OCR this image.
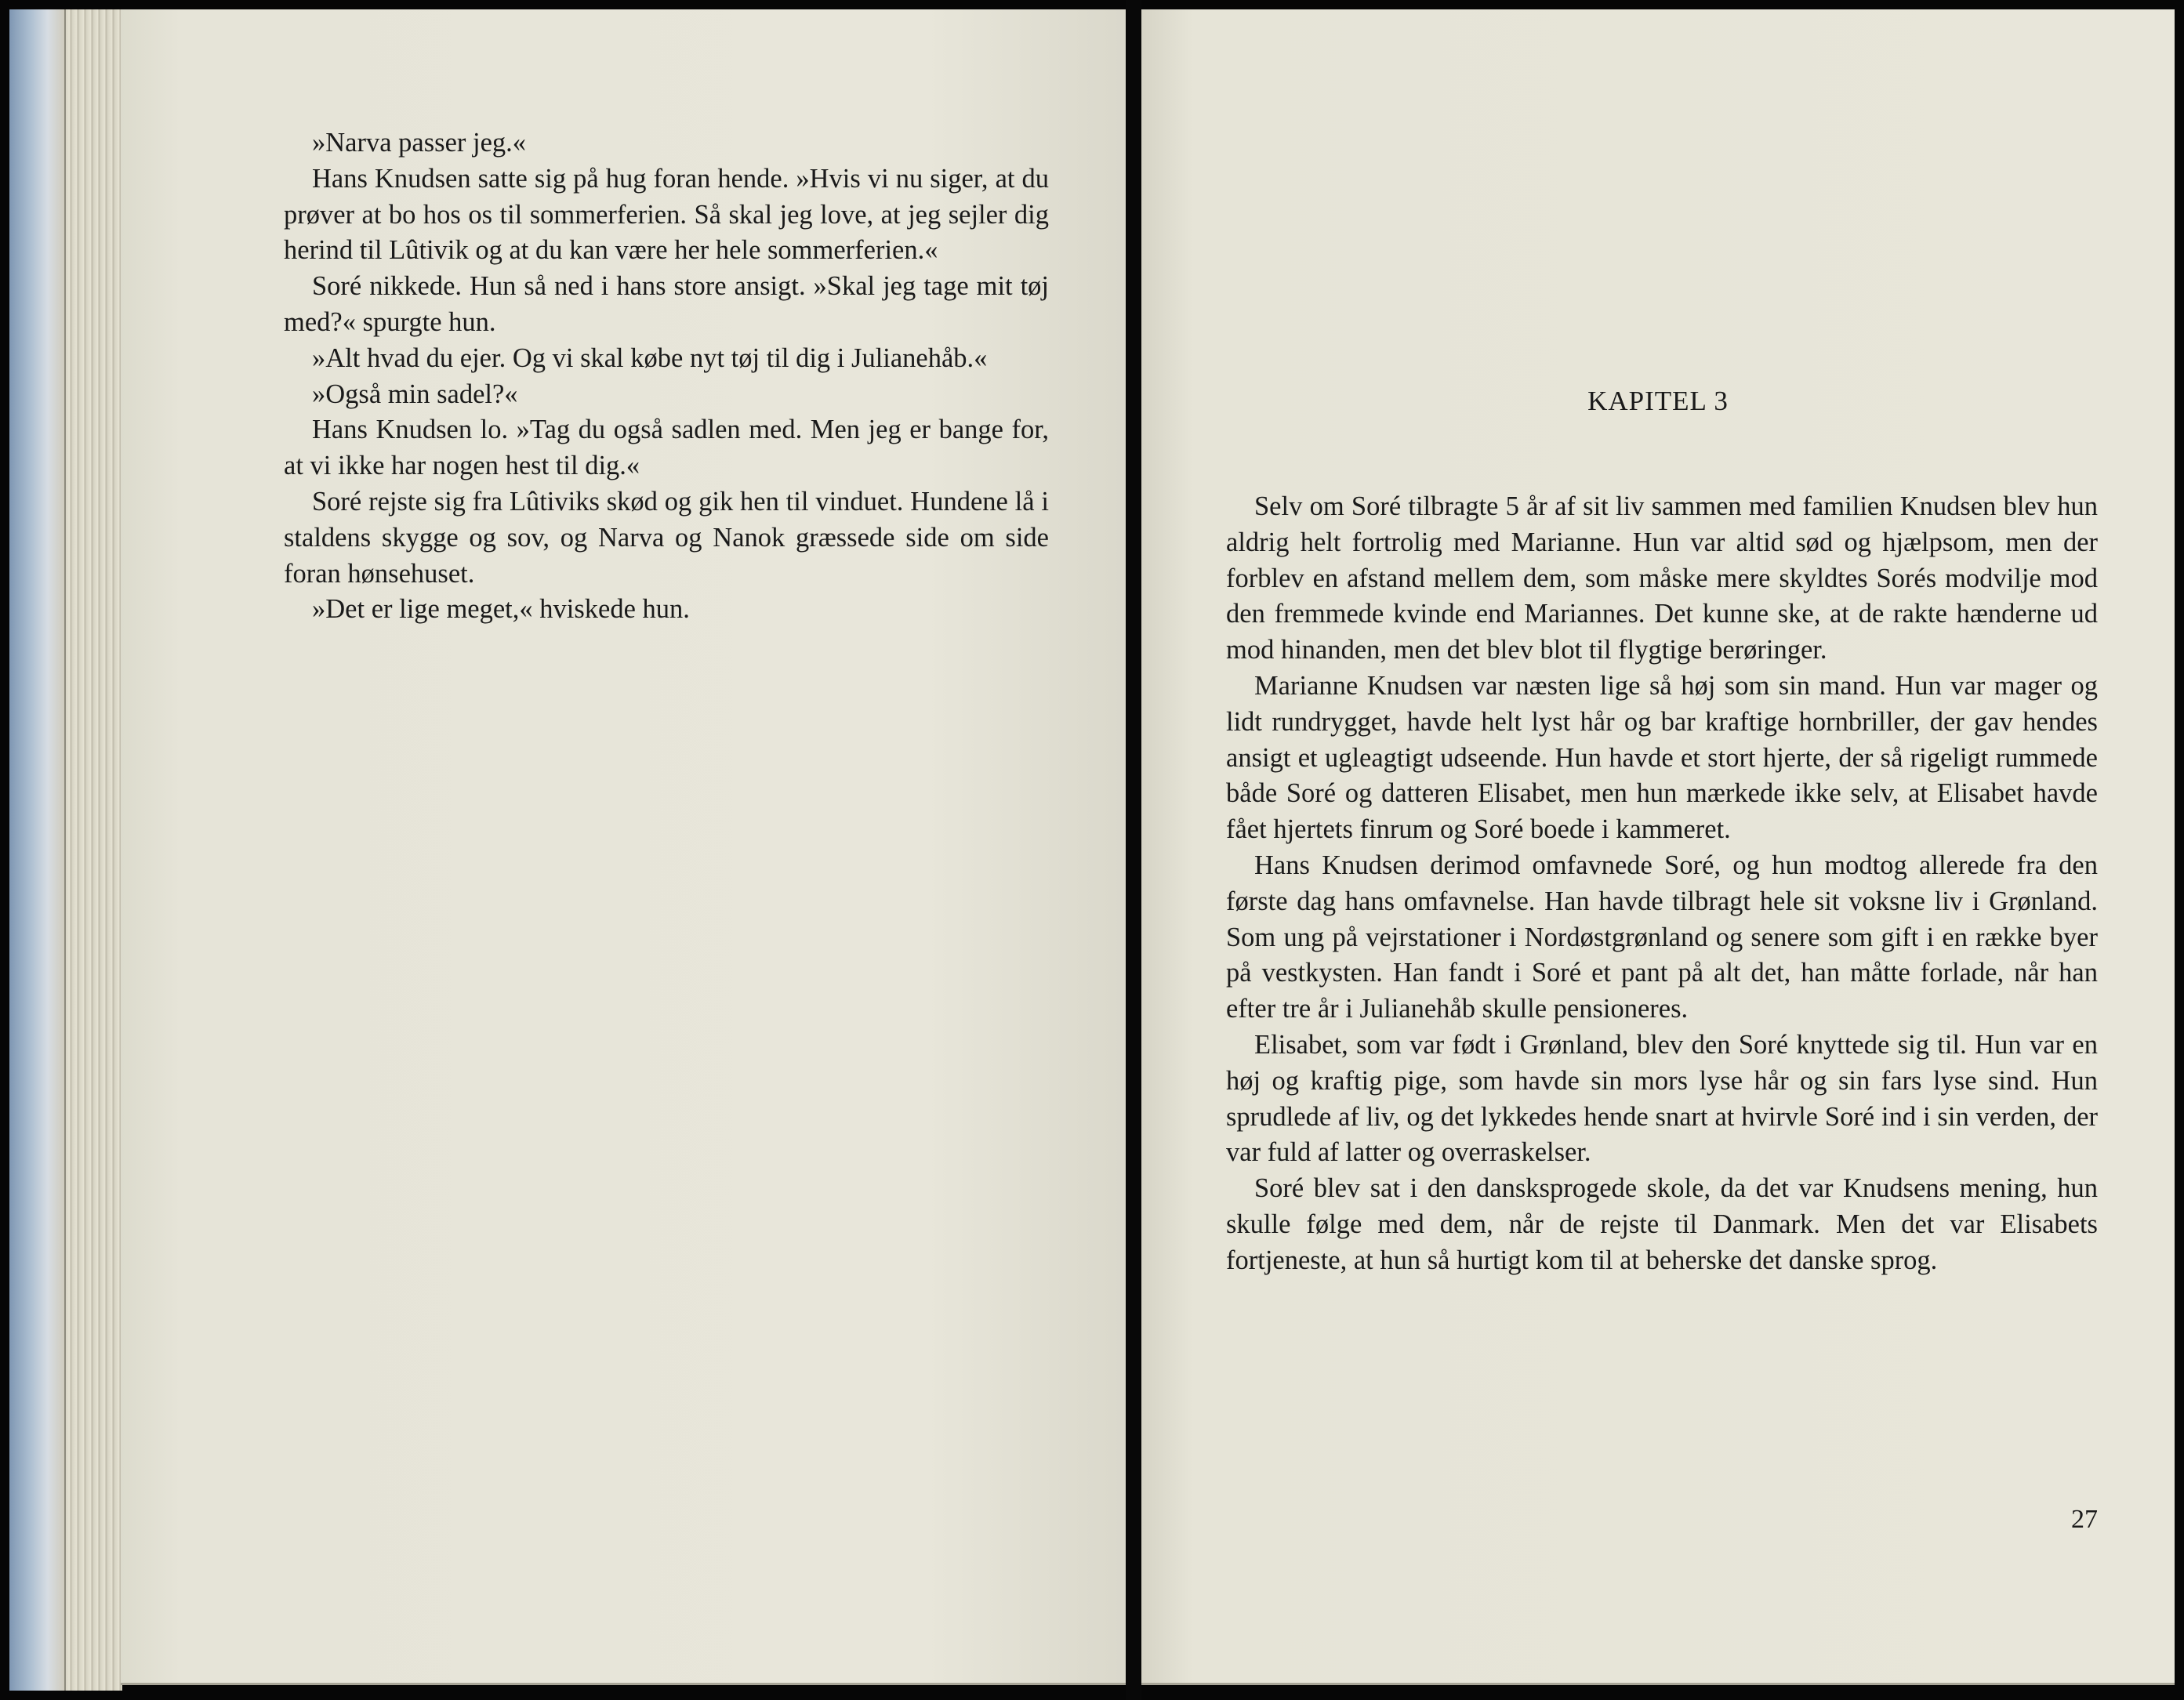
»Narva passer jeg.«

Hans Knudsen satte sig på hug foran hende. »Hvis vi nu siger, at du prøver at bo hos os til sommerferien. Så skal jeg love, at jeg sejler dig herind til Lûtivik og at du kan være her hele sommerferien.«

Soré nikkede. Hun så ned i hans store ansigt. »Skal jeg tage mit tøj med?« spurgte hun.

»Alt hvad du ejer. Og vi skal købe nyt tøj til dig i Julianehåb.«

»Også min sadel?«

Hans Knudsen lo. »Tag du også sadlen med. Men jeg er bange for, at vi ikke har nogen hest til dig.«

Soré rejste sig fra Lûtiviks skød og gik hen til vinduet. Hundene lå i staldens skygge og sov, og Narva og Nanok græssede side om side foran hønsehuset.

»Det er lige meget,« hviskede hun.

KAPITEL 3

Selv om Soré tilbragte 5 år af sit liv sammen med familien Knudsen blev hun aldrig helt fortrolig med Marianne. Hun var altid sød og hjælpsom, men der forblev en afstand mellem dem, som måske mere skyldtes Sorés modvilje mod den fremmede kvinde end Mariannes. Det kunne ske, at de rakte hænderne ud mod hinanden, men det blev blot til flygtige berøringer.

Marianne Knudsen var næsten lige så høj som sin mand. Hun var mager og lidt rundrygget, havde helt lyst hår og bar kraftige hornbriller, der gav hendes ansigt et ugleagtigt udseende. Hun havde et stort hjerte, der så rigeligt rummede både Soré og datteren Elisabet, men hun mærkede ikke selv, at Elisabet havde fået hjertets finrum og Soré boede i kammeret.

Hans Knudsen derimod omfavnede Soré, og hun modtog allerede fra den første dag hans omfavnelse. Han havde tilbragt hele sit voksne liv i Grønland. Som ung på vejrstationer i Nordøstgrønland og senere som gift i en række byer på vestkysten. Han fandt i Soré et pant på alt det, han måtte forlade, når han efter tre år i Julianehåb skulle pensioneres.

Elisabet, som var født i Grønland, blev den Soré knyttede sig til. Hun var en høj og kraftig pige, som havde sin mors lyse hår og sin fars lyse sind. Hun sprudlede af liv, og det lykkedes hende snart at hvirvle Soré ind i sin verden, der var fuld af latter og overraskelser.

Soré blev sat i den dansksprogede skole, da det var Knudsens mening, hun skulle følge med dem, når de rejste til Danmark. Men det var Elisabets fortjeneste, at hun så hurtigt kom til at beherske det danske sprog.

27
